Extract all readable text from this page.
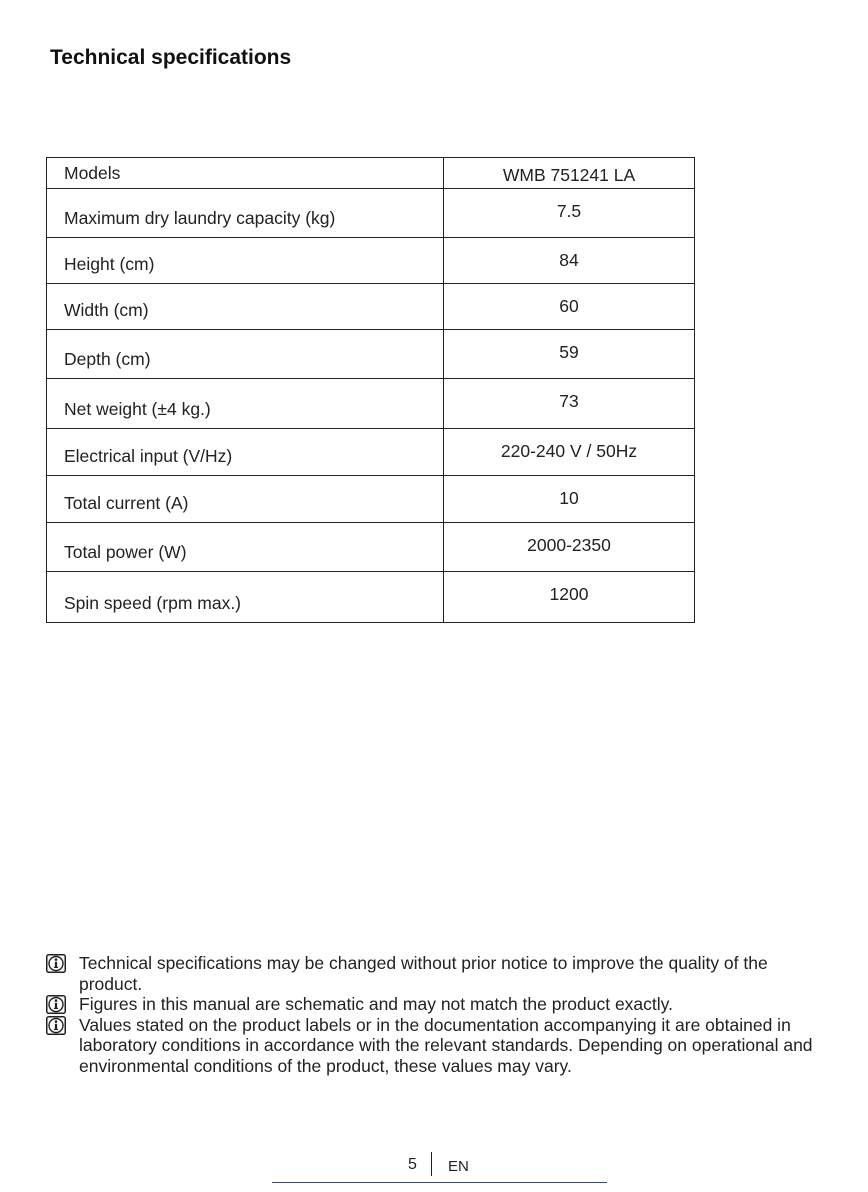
Technical specifications
Models	WMB 751241 LA
Maximum dry laundry capacity (kg)	7.5
Height (cm)	84
Width (cm)	60
Depth (cm)	59
Net weight (±4 kg.)	73
Electrical input (V/Hz)	220-240 V / 50Hz
Total current (A)	10
Total power (W)	2000-2350
Spin speed (rpm max.)	1200
Technical specifications may be changed without prior notice to improve the quality of the product.
Figures in this manual are schematic and may not match the product exactly.
Values stated on the product labels or in the documentation accompanying it are obtained in laboratory conditions in accordance with the relevant standards. Depending on operational and environmental conditions of the product, these values may vary.
5 EN
